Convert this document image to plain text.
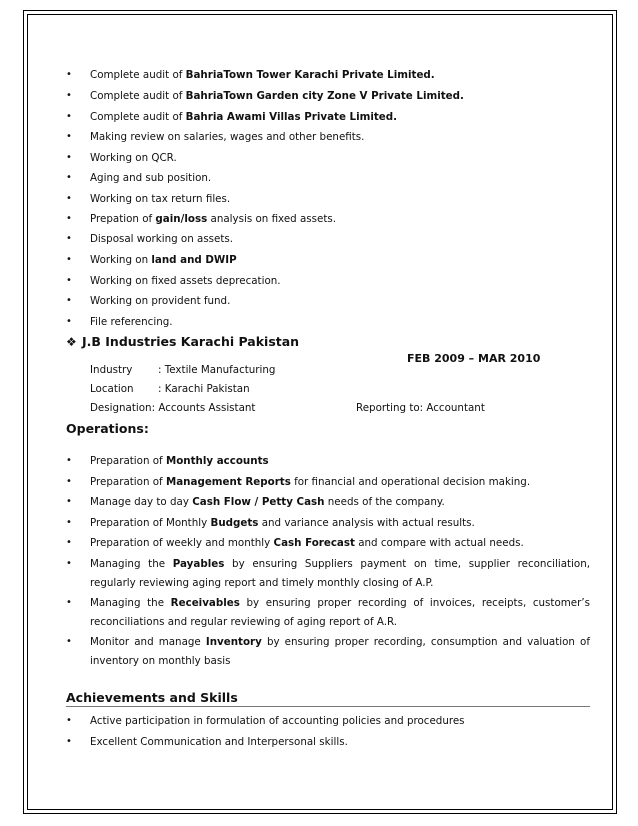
• Complete audit of BahriaTown Tower Karachi Private Limited.
• Complete audit of BahriaTown Garden city Zone V Private Limited.
• Complete audit of Bahria Awami Villas Private Limited.
• Making review on salaries, wages and other benefits.
• Working on QCR.
• Aging and sub position.
• Working on tax return files.
• Prepation of gain/loss analysis on fixed assets.
• Disposal working on assets.
• Working on land and DWIP
• Working on fixed assets deprecation.
• Working on provident fund.
• File referencing.
❖ J.B Industries Karachi Pakistan
FEB 2009 – MAR 2010
Industry : Textile Manufacturing
Location : Karachi Pakistan
Designation: Accounts Assistant	Reporting to: Accountant
Operations:
• Preparation of Monthly accounts
• Preparation of Management Reports for financial and operational decision making.
• Manage day to day Cash Flow / Petty Cash needs of the company.
• Preparation of Monthly Budgets and variance analysis with actual results.
• Preparation of weekly and monthly Cash Forecast and compare with actual needs.
• Managing the Payables by ensuring Suppliers payment on time, supplier reconciliation,
regularly reviewing aging report and timely monthly closing of A.P.
• Managing the Receivables by ensuring proper recording of invoices, receipts, customer’s
reconciliations and regular reviewing of aging report of A.R.
• Monitor and manage Inventory by ensuring proper recording, consumption and valuation of
inventory on monthly basis
Achievements and Skills
• Active participation in formulation of accounting policies and procedures
• Excellent Communication and Interpersonal skills.
